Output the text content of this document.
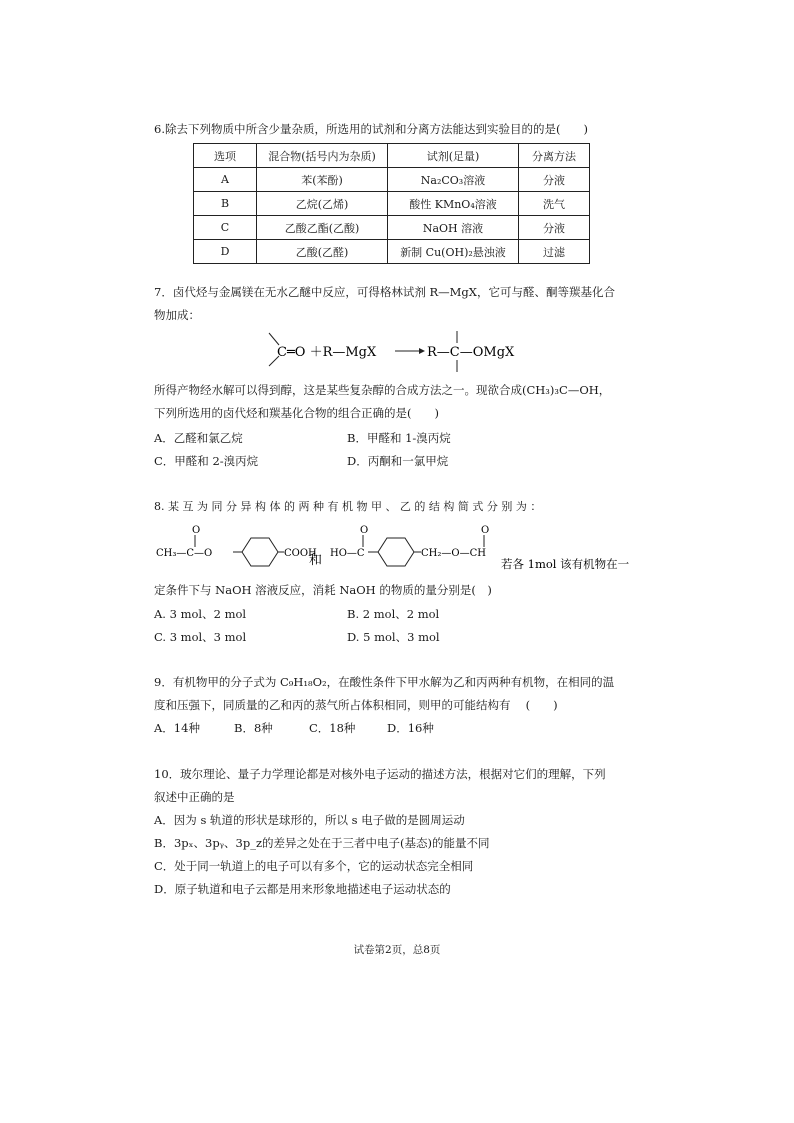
6.除去下列物质中所含少量杂质，所选用的试剂和分离方法能达到实验目的的是(　　)
选项	混合物(括号内为杂质)	试剂(足量)	分离方法
A	苯(苯酚)	Na₂CO₃溶液	分液
B	乙烷(乙烯)	酸性 KMnO₄溶液	洗气
C	乙酸乙酯(乙酸)	NaOH 溶液	分液
D	乙酸(乙醛)	新制 Cu(OH)₂悬浊液	过滤
7．卤代烃与金属镁在无水乙醚中反应，可得格林试剂 R—MgX，它可与醛、酮等羰基化合
物加成：
C═O ＋R—MgX	R—C—OMgX
所得产物经水解可以得到醇，这是某些复杂醇的合成方法之一。现欲合成(CH₃)₃C—OH，
下列所选用的卤代烃和羰基化合物的组合正确的是(　　)
A．乙醛和氯乙烷	B．甲醛和 1-溴丙烷
C．甲醛和 2-溴丙烷	D．丙酮和一氯甲烷
8. 某 互 为 同 分 异 构 体 的 两 种 有 机 物 甲 、 乙 的 结 构 简 式 分 别 为 ：
CH₃—C—O
O
COOH
和 HO—C
O
CH₂—O—CH
O
若各 1mol 该有机物在一
定条件下与 NaOH 溶液反应，消耗 NaOH 的物质的量分别是(　)
A. 3 mol、2 mol	B. 2 mol、2 mol
C. 3 mol、3 mol	D. 5 mol、3 mol
9．有机物甲的分子式为 C₉H₁₈O₂，在酸性条件下甲水解为乙和丙两种有机物，在相同的温
度和压强下，同质量的乙和丙的蒸气所占体积相同，则甲的可能结构有　 (　　)
A．14种	B．8种	C．18种	D．16种
10．玻尔理论、量子力学理论都是对核外电子运动的描述方法，根据对它们的理解，下列
叙述中正确的是
A．因为 s 轨道的形状是球形的，所以 s 电子做的是圆周运动
B．3pₓ、3pᵧ、3p_z的差异之处在于三者中电子(基态)的能量不同
C．处于同一轨道上的电子可以有多个，它的运动状态完全相同
D．原子轨道和电子云都是用来形象地描述电子运动状态的
试卷第2页，总8页
